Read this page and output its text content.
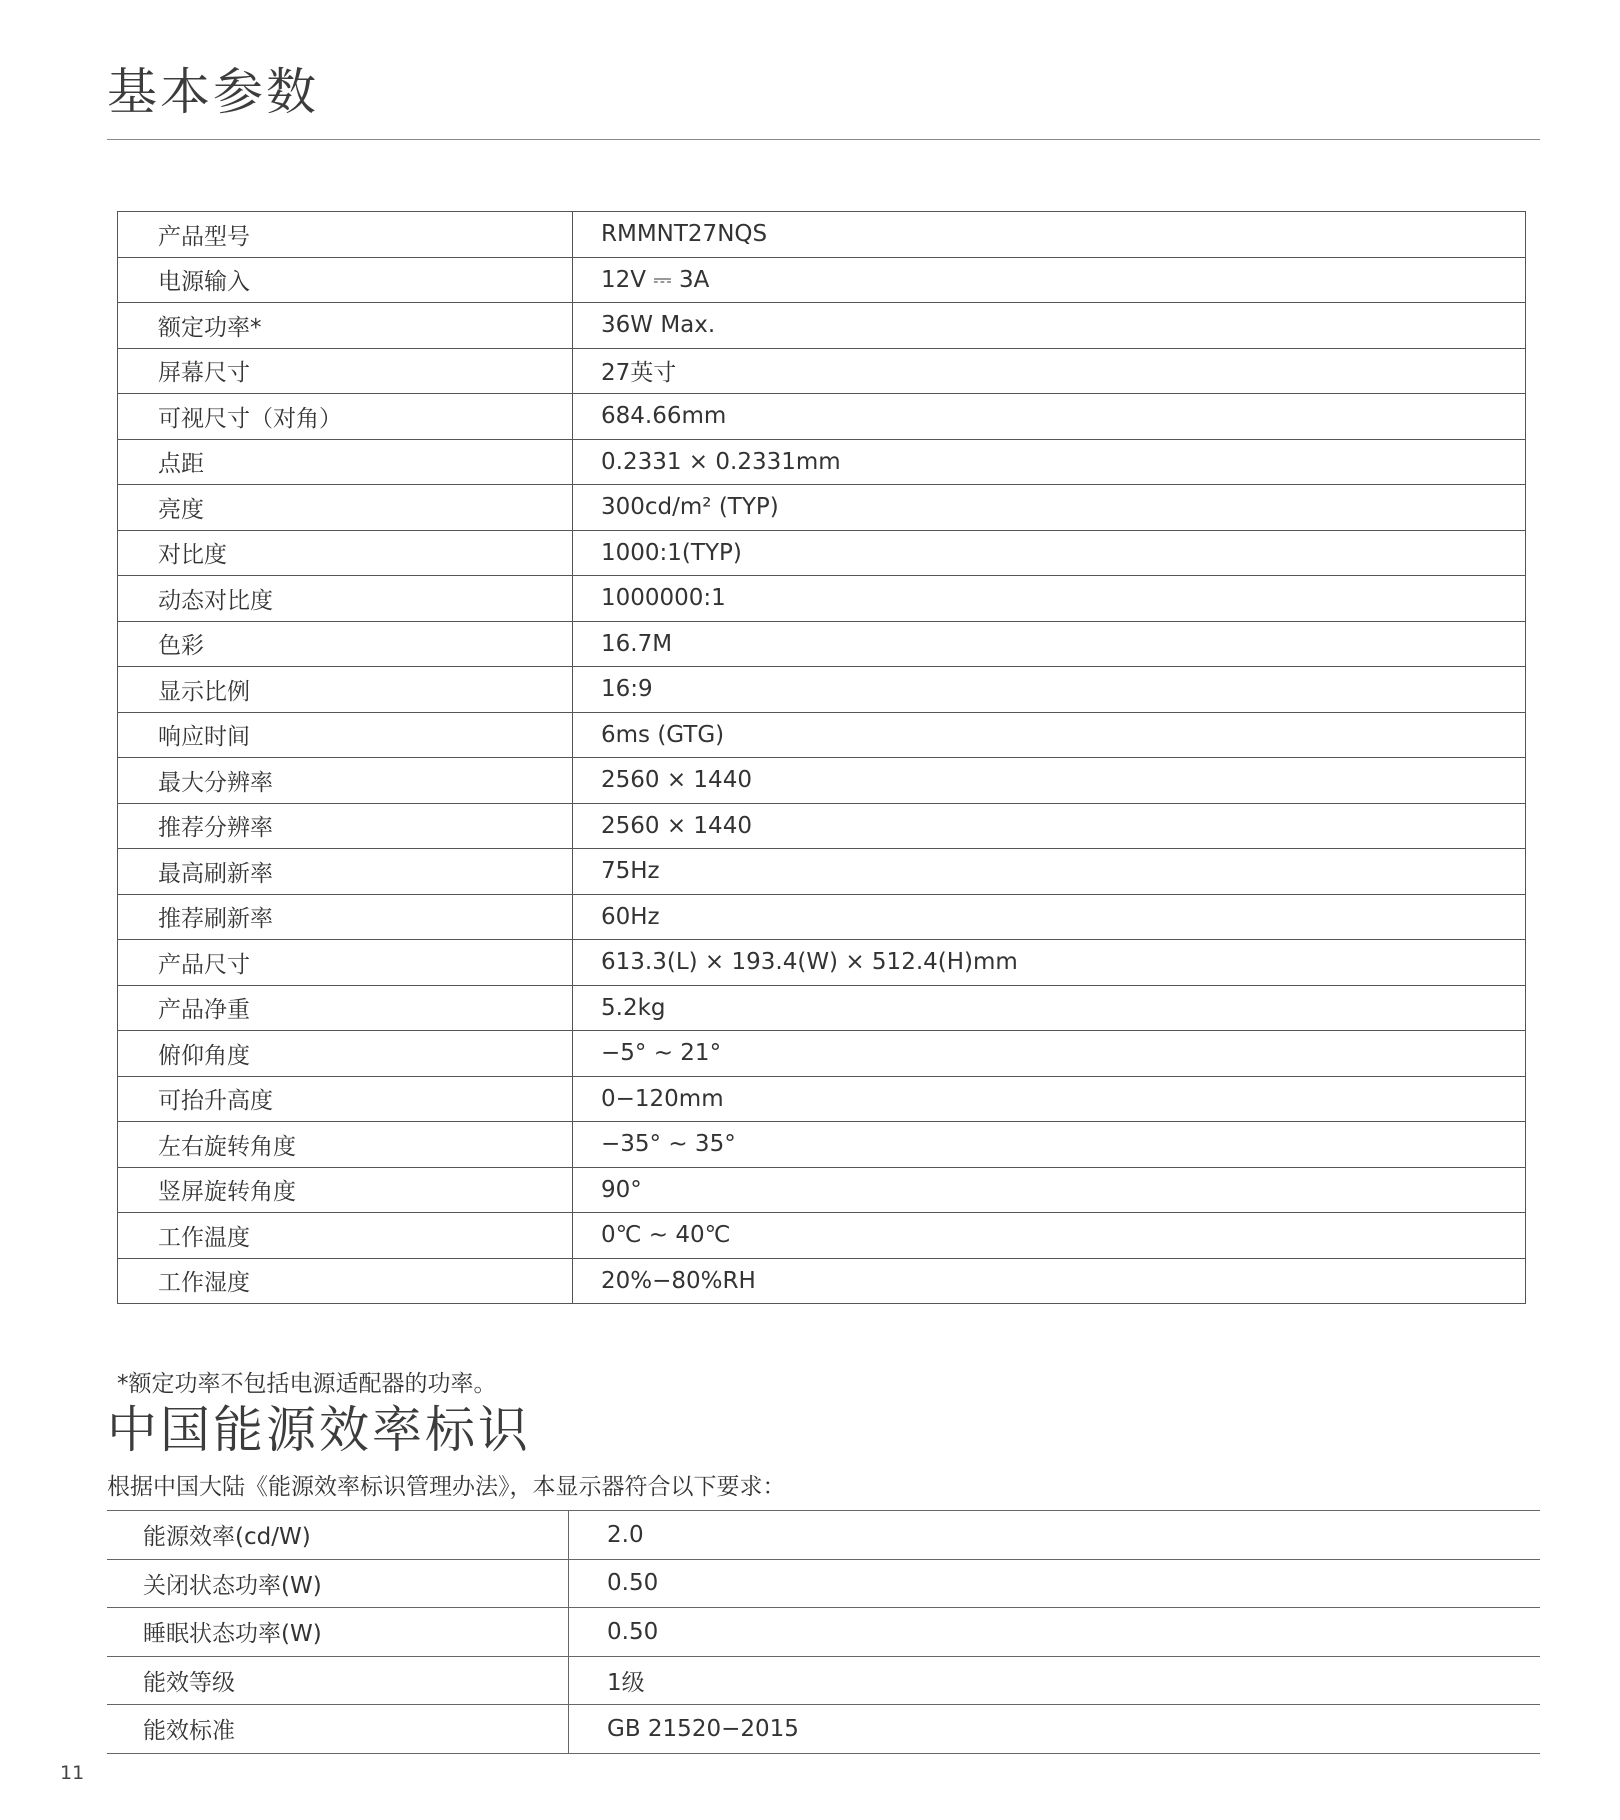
基本参数
产品型号	RMMNT27NQS
电源输入	12V ⎓ 3A
额定功率*	36W Max.
屏幕尺寸	27英寸
可视尺寸（对角）	684.66mm
点距	0.2331 × 0.2331mm
亮度	300cd/m² (TYP)
对比度	1000:1(TYP)
动态对比度	1000000:1
色彩	16.7M
显示比例	16:9
响应时间	6ms (GTG)
最大分辨率	2560 × 1440
推荐分辨率	2560 × 1440
最高刷新率	75Hz
推荐刷新率	60Hz
产品尺寸	613.3(L) × 193.4(W) × 512.4(H)mm
产品净重	5.2kg
俯仰角度	−5° ~ 21°
可抬升高度	0−120mm
左右旋转角度	−35° ~ 35°
竖屏旋转角度	90°
工作温度	0℃ ~ 40℃
工作湿度	20%−80%RH

*额定功率不包括电源适配器的功率。

中国能源效率标识

根据中国大陆《能源效率标识管理办法》，本显示器符合以下要求：

能源效率(cd/W)	2.0
关闭状态功率(W)	0.50
睡眠状态功率(W)	0.50
能效等级	1级
能效标准	GB 21520−2015
11
